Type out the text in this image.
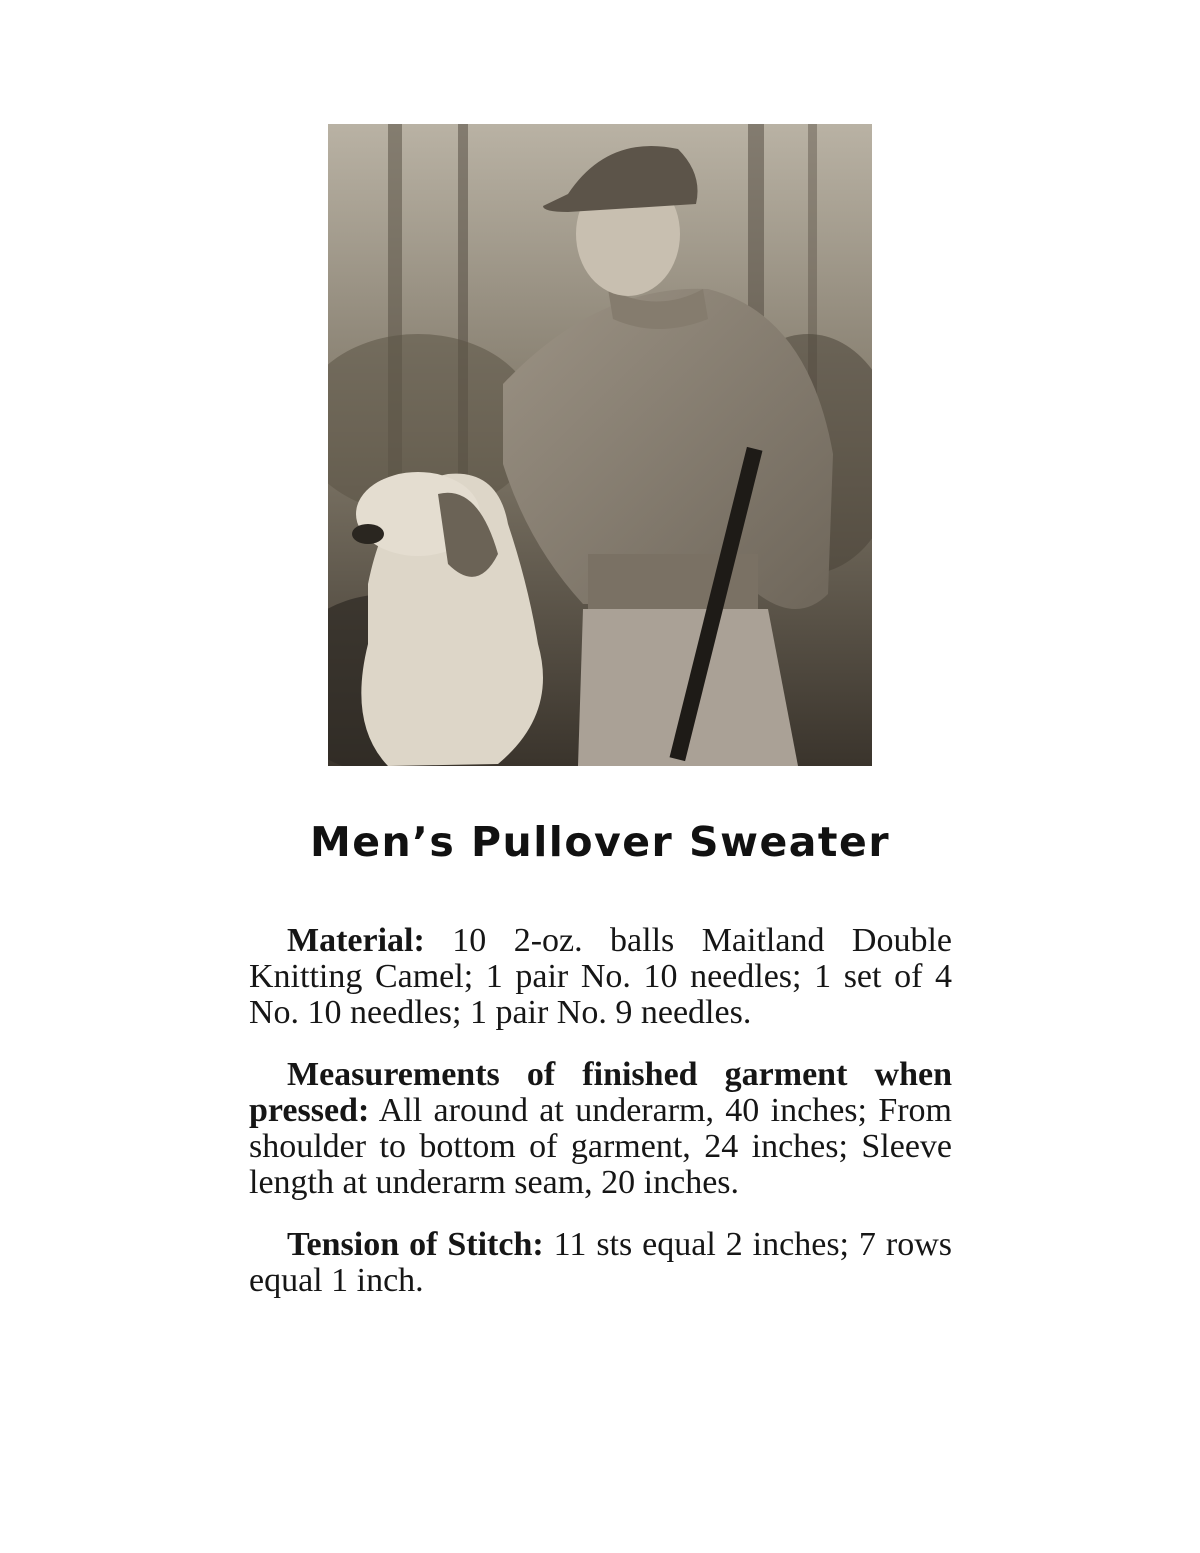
Men’s Pullover Sweater

Material: 10 2-oz. balls Maitland Double Knitting Camel; 1 pair No. 10 needles; 1 set of 4 No. 10 needles; 1 pair No. 9 needles.

Measurements of finished garment when pressed: All around at underarm, 40 inches; From shoulder to bottom of garment, 24 inches; Sleeve length at underarm seam, 20 inches.

Tension of Stitch: 11 sts equal 2 inches; 7 rows equal 1 inch.
